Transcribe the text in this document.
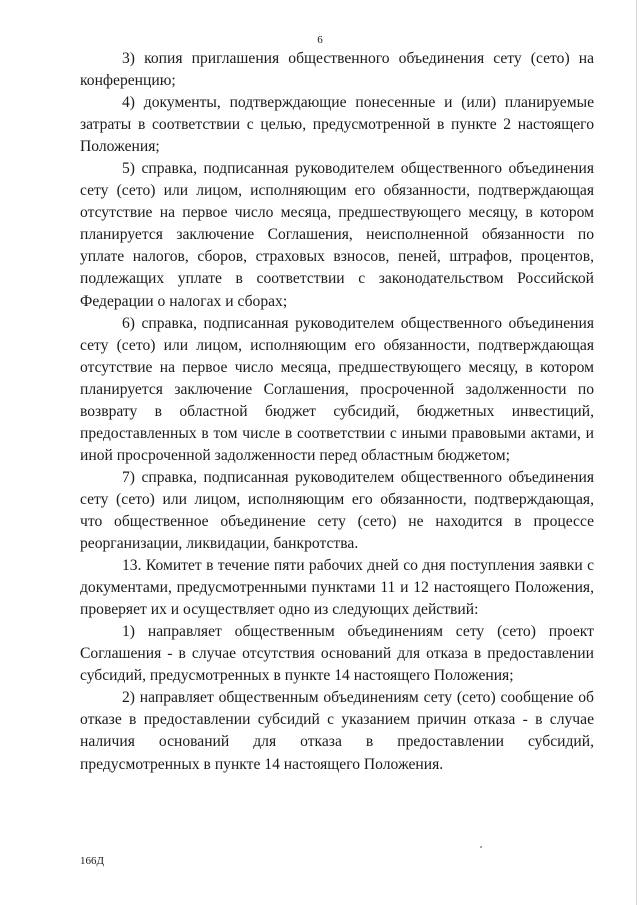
6

3) копия приглашения общественного объединения сету (сето) на конференцию;

4) документы, подтверждающие понесенные и (или) планируемые затраты в соответствии с целью, предусмотренной в пункте 2 настоящего Положения;

5) справка, подписанная руководителем общественного объединения сету (сето) или лицом, исполняющим его обязанности, подтверждающая отсутствие на первое число месяца, предшествующего месяцу, в котором планируется заключение Соглашения, неисполненной обязанности по уплате налогов, сборов, страховых взносов, пеней, штрафов, процентов, подлежащих уплате в соответствии с законодательством Российской Федерации о налогах и сборах;

6) справка, подписанная руководителем общественного объединения сету (сето) или лицом, исполняющим его обязанности, подтверждающая отсутствие на первое число месяца, предшествующего месяцу, в котором планируется заключение Соглашения, просроченной задолженности по возврату в областной бюджет субсидий, бюджетных инвестиций, предоставленных в том числе в соответствии с иными правовыми актами, и иной просроченной задолженности перед областным бюджетом;

7) справка, подписанная руководителем общественного объединения сету (сето) или лицом, исполняющим его обязанности, подтверждающая, что общественное объединение сету (сето) не находится в процессе реорганизации, ликвидации, банкротства.

13. Комитет в течение пяти рабочих дней со дня поступления заявки с документами, предусмотренными пунктами 11 и 12 настоящего Положения, проверяет их и осуществляет одно из следующих действий:

1) направляет общественным объединениям сету (сето) проект Соглашения - в случае отсутствия оснований для отказа в предоставлении субсидий, предусмотренных в пункте 14 настоящего Положения;

2) направляет общественным объединениям сету (сето) сообщение об отказе в предоставлении субсидий с указанием причин отказа - в случае наличия оснований для отказа в предоставлении субсидий, предусмотренных в пункте 14 настоящего Положения.

166Д
